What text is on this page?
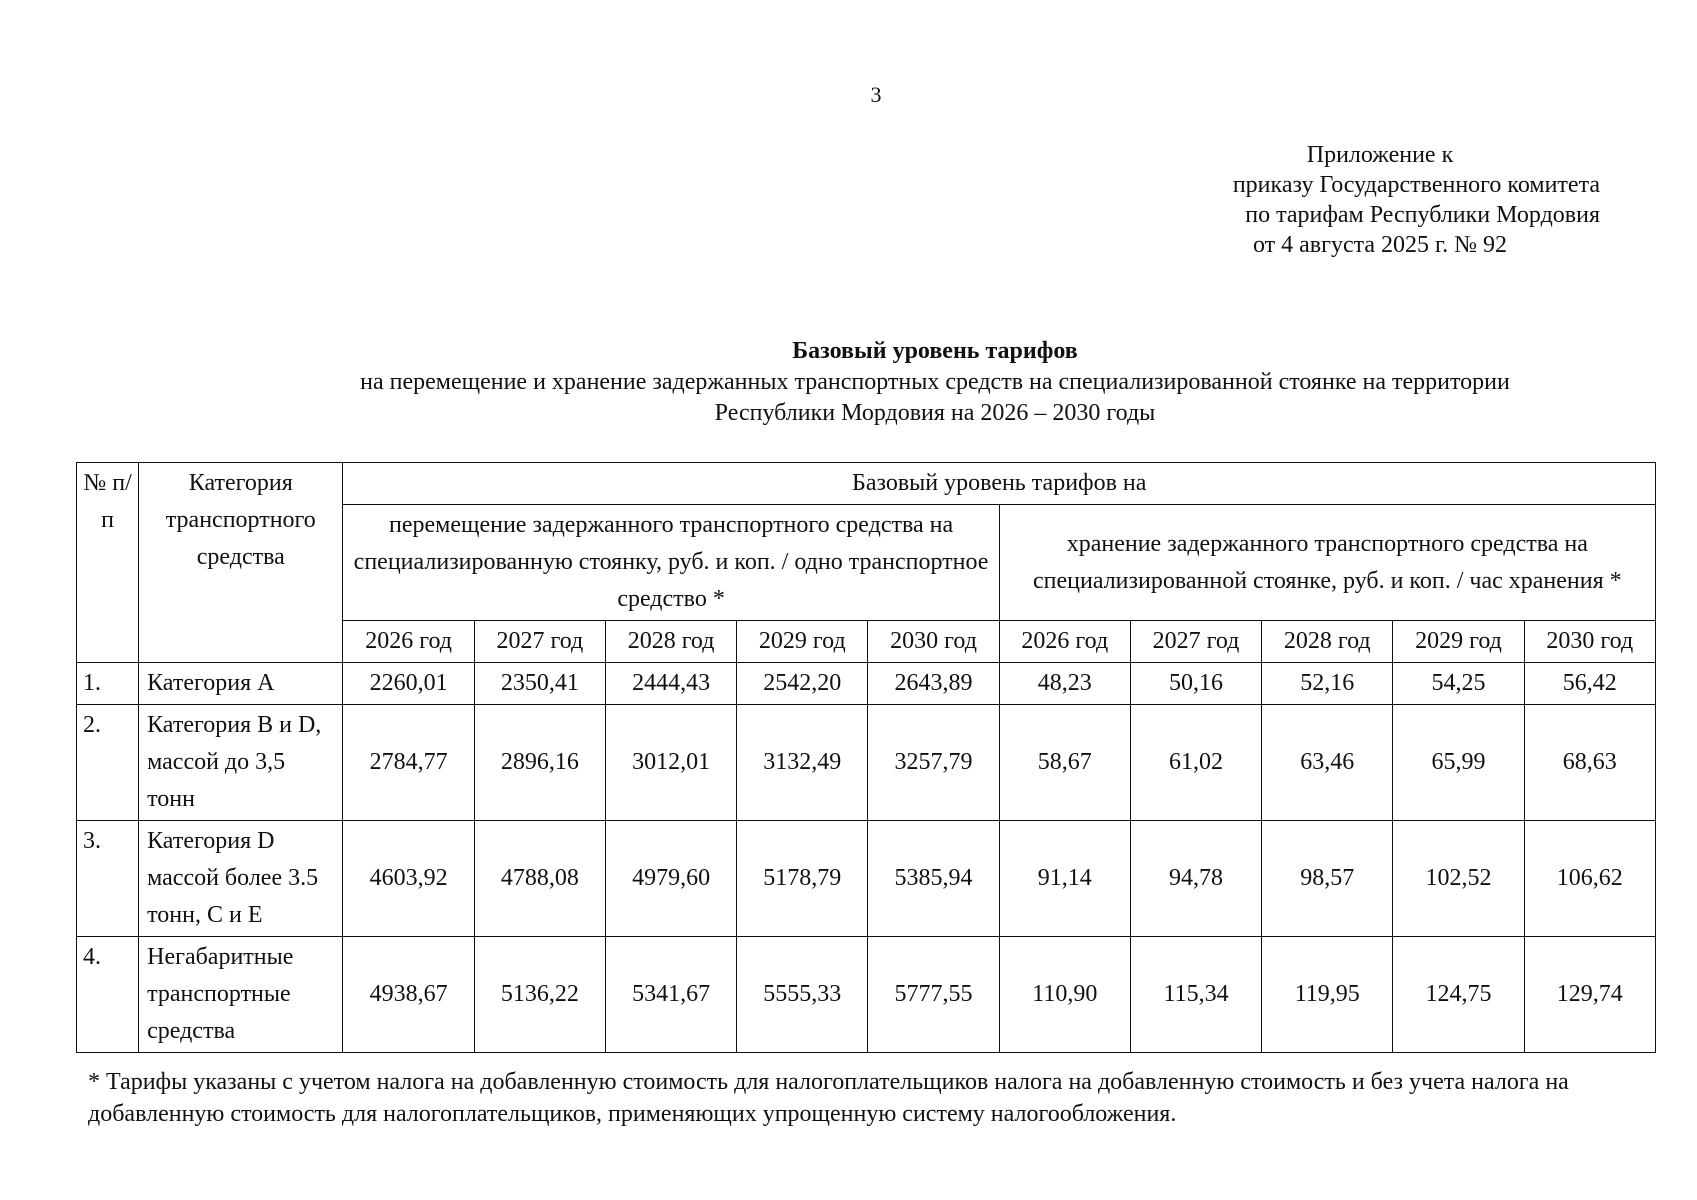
3
Приложение к
приказу Государственного комитета
по тарифам Республики Мордовия
от 4 августа 2025 г. № 92
Базовый уровень тарифов
на перемещение и хранение задержанных транспортных средств на специализированной стоянке на территории
Республики Мордовия на 2026 – 2030 годы
№ п/п	Категория транспортного средства	Базовый уровень тарифов на									
		перемещение задержанного транспортного средства на специализированную стоянку, руб. и коп. / одно транспортное средство *					хранение задержанного транспортного средства на специализированной стоянке, руб. и коп. / час хранения *				
		2026 год	2027 год	2028 год	2029 год	2030 год	2026 год	2027 год	2028 год	2029 год	2030 год
1.	Категория A	2260,01	2350,41	2444,43	2542,20	2643,89	48,23	50,16	52,16	54,25	56,42
2.	Категория B и D, массой до 3,5 тонн	2784,77	2896,16	3012,01	3132,49	3257,79	58,67	61,02	63,46	65,99	68,63
3.	Категория D массой более 3.5 тонн, C и E	4603,92	4788,08	4979,60	5178,79	5385,94	91,14	94,78	98,57	102,52	106,62
4.	Негабаритные транспортные средства	4938,67	5136,22	5341,67	5555,33	5777,55	110,90	115,34	119,95	124,75	129,74
* Тарифы указаны с учетом налога на добавленную стоимость для налогоплательщиков налога на добавленную стоимость и без учета налога на добавленную стоимость для налогоплательщиков, применяющих упрощенную систему налогообложения.
